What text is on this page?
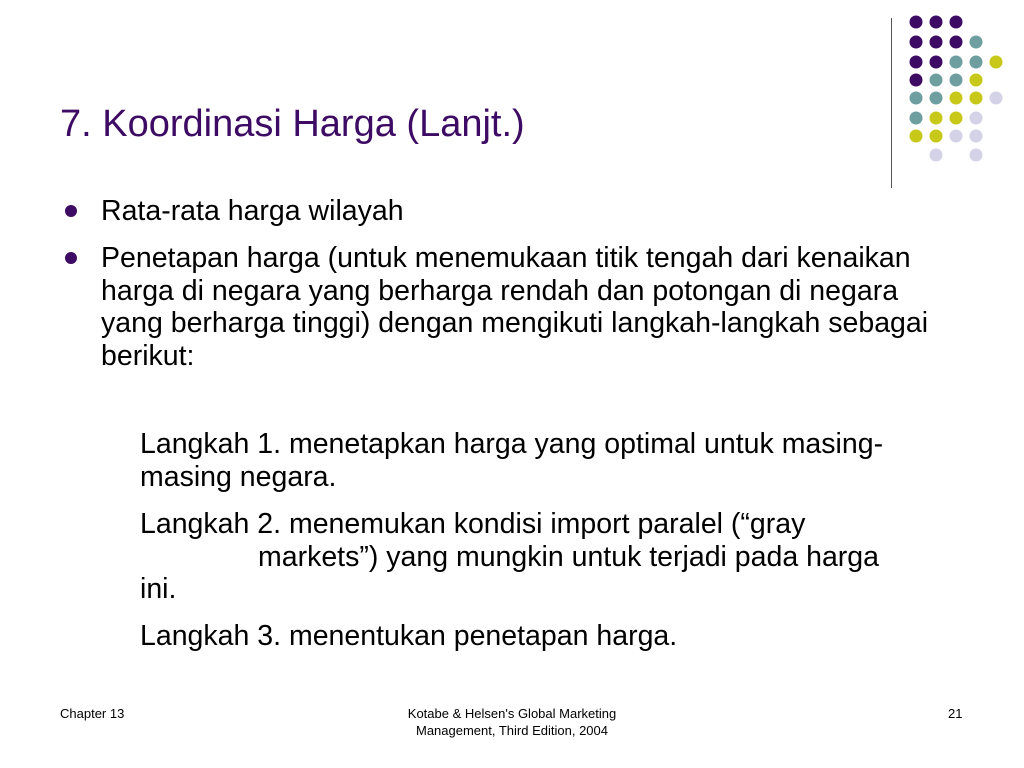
7. Koordinasi Harga (Lanjt.)
Rata-rata harga wilayah
Penetapan harga (untuk menemukaan titik tengah dari kenaikan harga di negara yang berharga rendah dan potongan di negara yang berharga tinggi) dengan mengikuti langkah-langkah sebagai berikut:
Langkah 1. menetapkan harga yang optimal untuk masing-masing negara.
Langkah 2. menemukan kondisi import paralel (“graymarkets”) yang mungkin untuk terjadi pada harga ini.
Langkah 3. menentukan penetapan harga.
Chapter 13	Kotabe & Helsen's Global Marketing
Management, Third Edition, 2004
21
